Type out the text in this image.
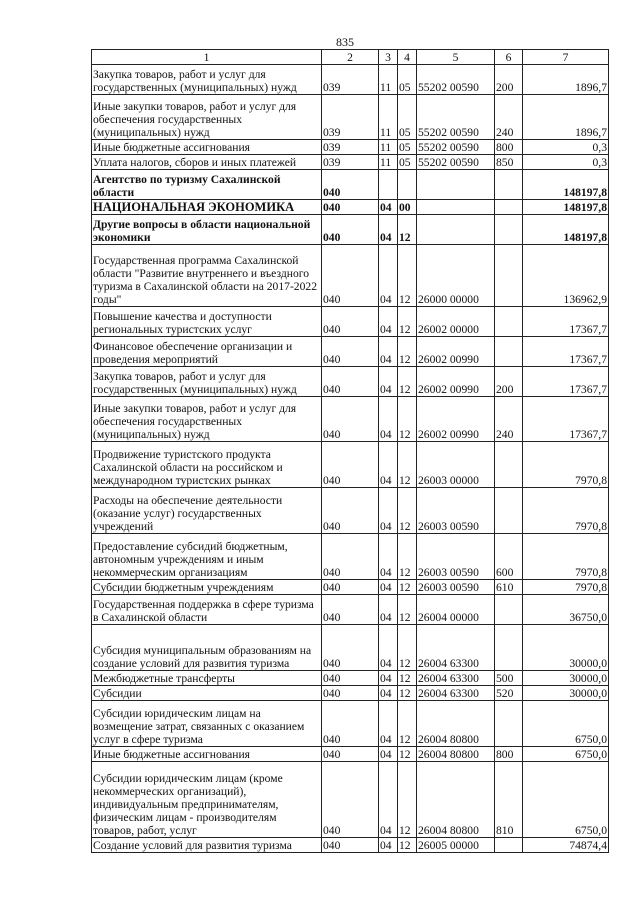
835
1	2	3	4	5	6	7
Закупка товаров, работ и услуг для государственных (муниципальных) нужд	039	11	05	55202 00590	200	1896,7
Иные закупки товаров, работ и услуг для обеспечения государственных (муниципальных) нужд	039	11	05	55202 00590	240	1896,7
Иные бюджетные ассигнования	039	11	05	55202 00590	800	0,3
Уплата налогов, сборов и иных платежей	039	11	05	55202 00590	850	0,3
Агентство по туризму Сахалинской области	040					148197,8
НАЦИОНАЛЬНАЯ ЭКОНОМИКА	040	04	00			148197,8
Другие вопросы в области национальной экономики	040	04	12			148197,8
Государственная программа Сахалинской области "Развитие внутреннего и въездного туризма в Сахалинской области на 2017-2022 годы"	040	04	12	26000 00000		136962,9
Повышение качества и доступности региональных туристских услуг	040	04	12	26002 00000		17367,7
Финансовое обеспечение организации и проведения мероприятий	040	04	12	26002 00990		17367,7
Закупка товаров, работ и услуг для государственных (муниципальных) нужд	040	04	12	26002 00990	200	17367,7
Иные закупки товаров, работ и услуг для обеспечения государственных (муниципальных) нужд	040	04	12	26002 00990	240	17367,7
Продвижение туристского продукта Сахалинской области на российском и международном туристских рынках	040	04	12	26003 00000		7970,8
Расходы на обеспечение деятельности (оказание услуг) государственных учреждений	040	04	12	26003 00590		7970,8
Предоставление субсидий бюджетным, автономным учреждениям и иным некоммерческим организациям	040	04	12	26003 00590	600	7970,8
Субсидии бюджетным учреждениям	040	04	12	26003 00590	610	7970,8
Государственная поддержка в сфере туризма в Сахалинской области	040	04	12	26004 00000		36750,0
Субсидия муниципальным образованиям на создание условий для развития туризма	040	04	12	26004 63300		30000,0
Межбюджетные трансферты	040	04	12	26004 63300	500	30000,0
Субсидии	040	04	12	26004 63300	520	30000,0
Субсидии юридическим лицам на возмещение затрат, связанных с оказанием услуг в сфере туризма	040	04	12	26004 80800		6750,0
Иные бюджетные ассигнования	040	04	12	26004 80800	800	6750,0
Субсидии юридическим лицам (кроме некоммерческих организаций), индивидуальным предпринимателям, физическим лицам - производителям товаров, работ, услуг	040	04	12	26004 80800	810	6750,0
Создание условий для развития туризма	040	04	12	26005 00000		74874,4
